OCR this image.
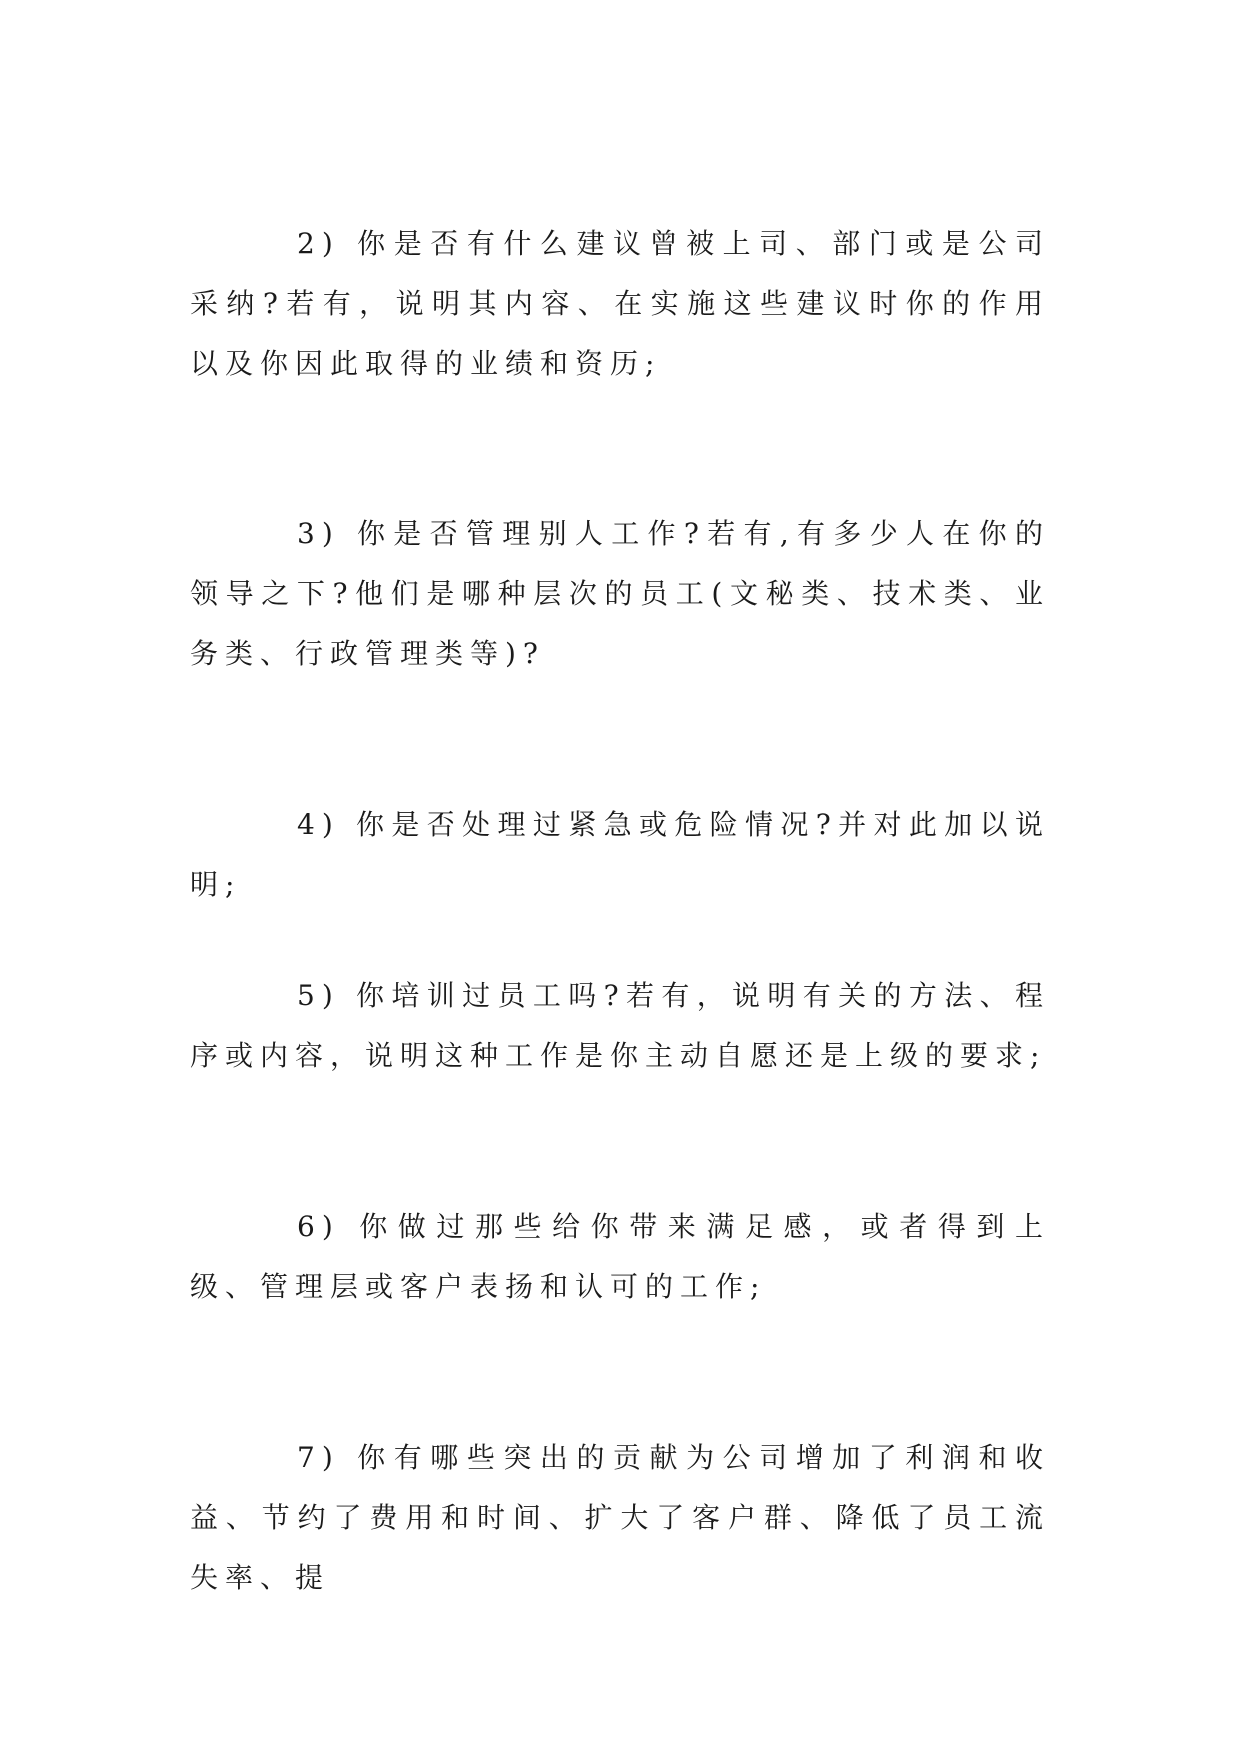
2) 你是否有什么建议曾被上司、部门或是公司采纳?若有，说明其内容、在实施这些建议时你的作用以及你因此取得的业绩和资历;

3) 你是否管理别人工作?若有,有多少人在你的领导之下?他们是哪种层次的员工(文秘类、技术类、业务类、行政管理类等)?

4) 你是否处理过紧急或危险情况?并对此加以说明;

5) 你培训过员工吗?若有，说明有关的方法、程序或内容，说明这种工作是你主动自愿还是上级的要求;

6) 你做过那些给你带来满足感，或者得到上级、管理层或客户表扬和认可的工作;

7) 你有哪些突出的贡献为公司增加了利润和收益、节约了费用和时间、扩大了客户群、降低了员工流失率、提
